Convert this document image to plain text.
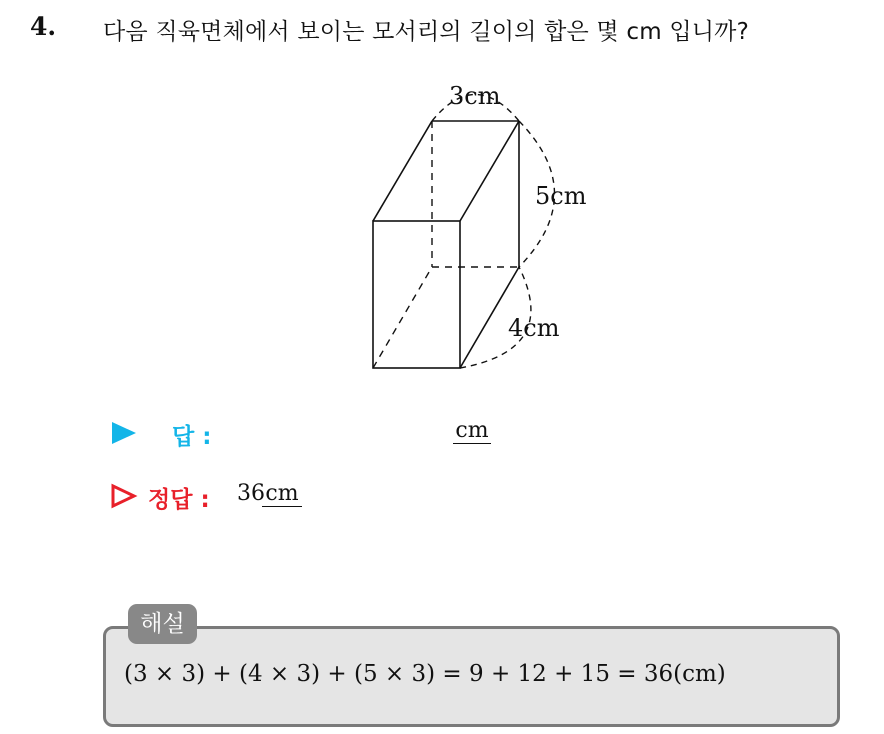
4. 다음 직육면체에서 보이는 모서리의 길이의 합은 몇 cm 입니까?
3cm
5cm
4cm
답 :	cm
정답 : 36 cm
해설
(3 × 3) + (4 × 3) + (5 × 3) = 9 + 12 + 15 = 36(cm)
